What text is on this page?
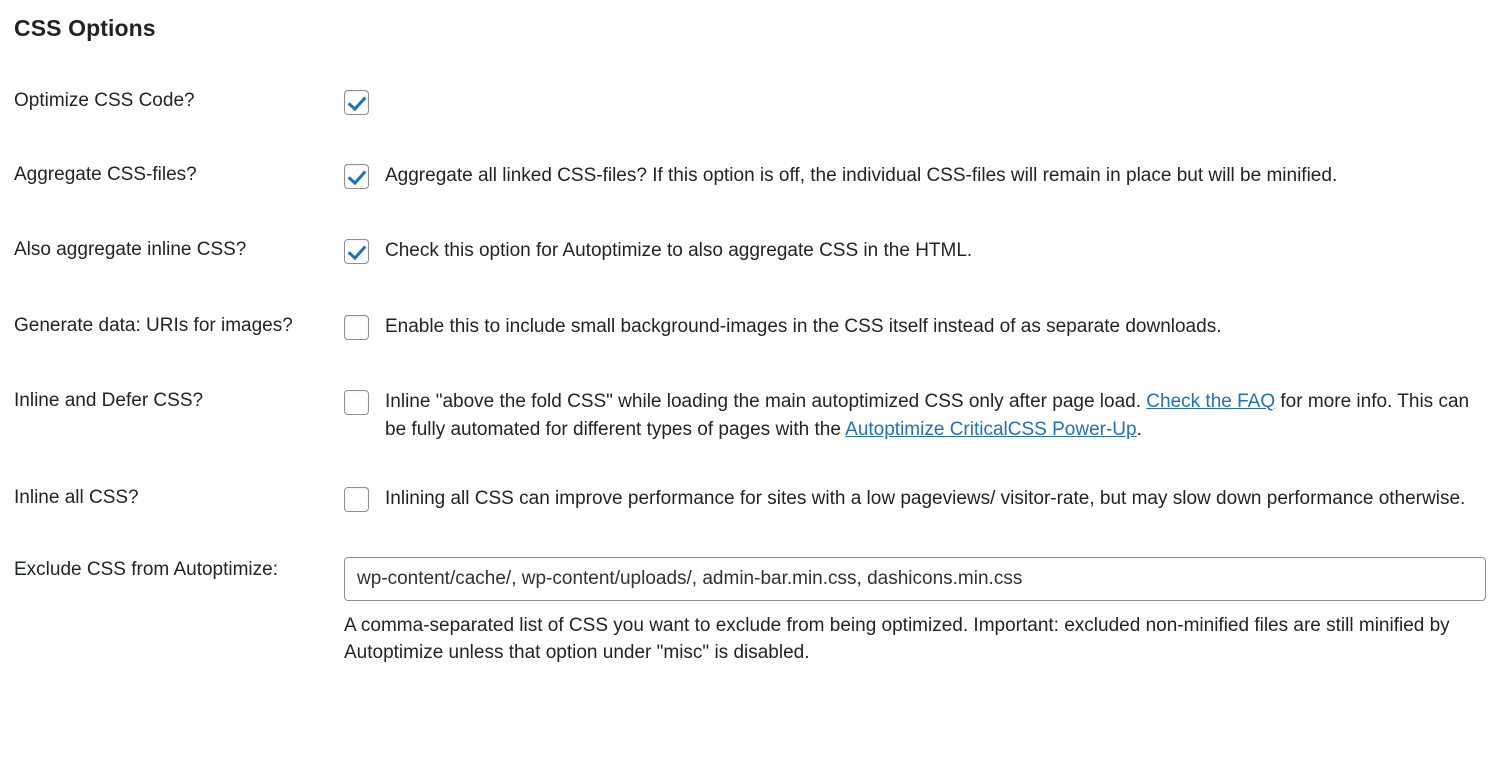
CSS Options
Optimize CSS Code?	

Aggregate CSS-files?	Aggregate all linked CSS-files? If this option is off, the individual CSS-files will remain in place but will be minified.

Also aggregate inline CSS?	Check this option for Autoptimize to also aggregate CSS in the HTML.

Generate data: URIs for images?	Enable this to include small background-images in the CSS itself instead of as separate downloads.

Inline and Defer CSS?	Inline "above the fold CSS" while loading the main autoptimized CSS only after page load. Check the FAQ for more info. This can be fully automated for different types of pages with the Autoptimize CriticalCSS Power-Up.

Inline all CSS?	Inlining all CSS can improve performance for sites with a low pageviews/ visitor-rate, but may slow down performance otherwise.

Exclude CSS from Autoptimize:	wp-content/cache/, wp-content/uploads/, admin-bar.min.css, dashicons.min.css
A comma-separated list of CSS you want to exclude from being optimized. Important: excluded non-minified files are still minified by Autoptimize unless that option under "misc" is disabled.
